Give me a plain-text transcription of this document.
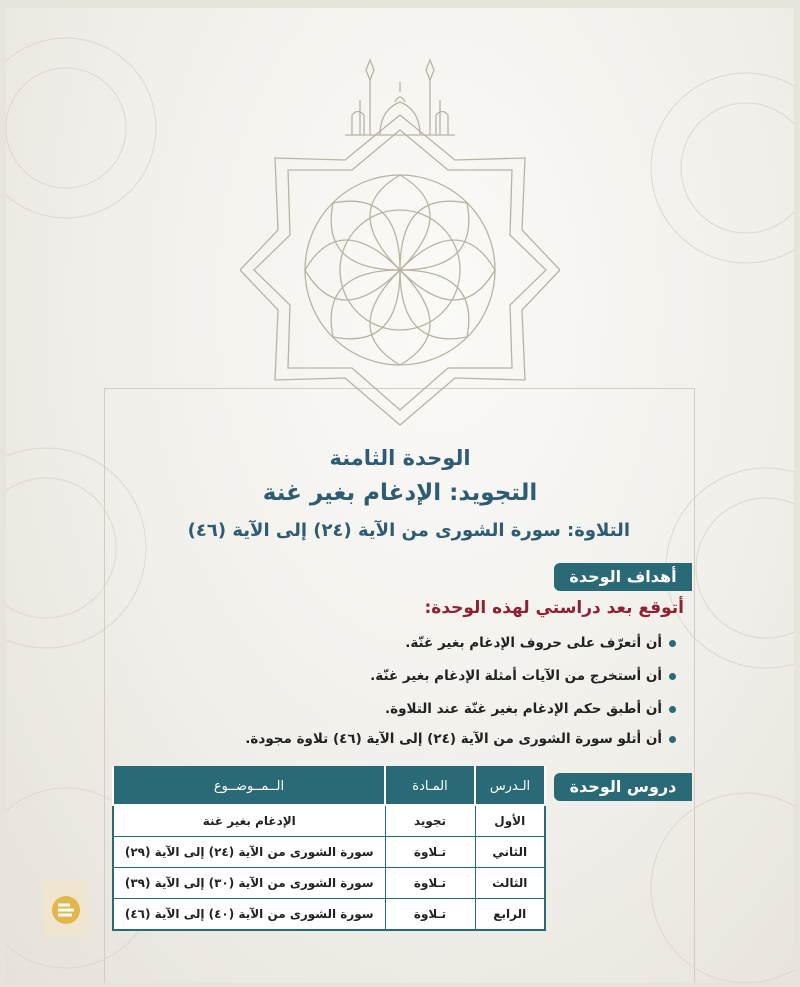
الوحدة الثامنة
التجويد: الإدغام بغير غنة
التلاوة: سورة الشورى من الآية (٢٤) إلى الآية (٤٦)
أهداف الوحدة
أتوقع بعد دراستي لهذه الوحدة:
أن أتعرّف على حروف الإدغام بغير غنّة.
أن أستخرج من الآيات أمثلة الإدغام بغير غنّة.
أن أطبق حكم الإدغام بغير غنّة عند التلاوة.
أن أتلو سورة الشورى من الآية (٢٤) إلى الآية (٤٦) تلاوة مجودة.
دروس الوحدة
الـدرس	المـادة	الــمــوضــوع
الأول	تجويد	الإدغام بغير غنة
الثاني	تـلاوة	سورة الشورى من الآية (٢٤) إلى الآية (٢٩)
الثالث	تـلاوة	سورة الشورى من الآية (٣٠) إلى الآية (٣٩)
الرابع	تـلاوة	سورة الشورى من الآية (٤٠) إلى الآية (٤٦)
